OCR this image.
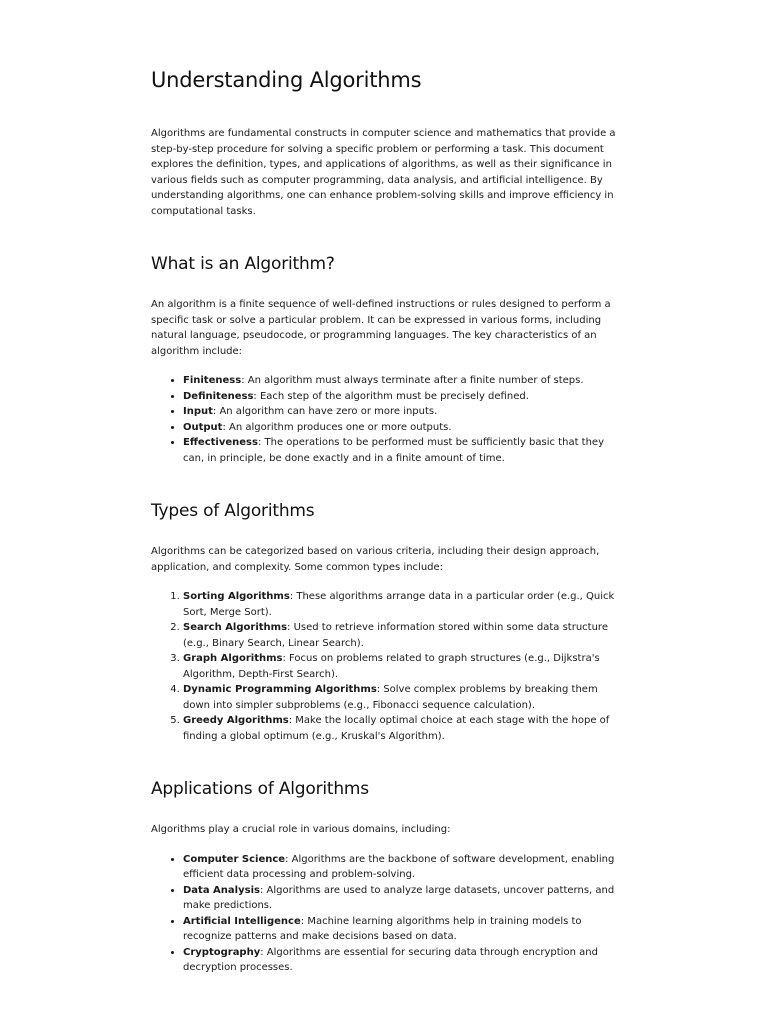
Understanding Algorithms

Algorithms are fundamental constructs in computer science and mathematics that provide a step-by-step procedure for solving a specific problem or performing a task. This document explores the definition, types, and applications of algorithms, as well as their significance in various fields such as computer programming, data analysis, and artificial intelligence. By understanding algorithms, one can enhance problem-solving skills and improve efficiency in computational tasks.

What is an Algorithm?

An algorithm is a finite sequence of well-defined instructions or rules designed to perform a specific task or solve a particular problem. It can be expressed in various forms, including natural language, pseudocode, or programming languages. The key characteristics of an algorithm include:

• Finiteness: An algorithm must always terminate after a finite number of steps.
• Definiteness: Each step of the algorithm must be precisely defined.
• Input: An algorithm can have zero or more inputs.
• Output: An algorithm produces one or more outputs.
• Effectiveness: The operations to be performed must be sufficiently basic that they can, in principle, be done exactly and in a finite amount of time.
Types of Algorithms

Algorithms can be categorized based on various criteria, including their design approach, application, and complexity. Some common types include:

1. Sorting Algorithms: These algorithms arrange data in a particular order (e.g., Quick Sort, Merge Sort).
2. Search Algorithms: Used to retrieve information stored within some data structure (e.g., Binary Search, Linear Search).
3. Graph Algorithms: Focus on problems related to graph structures (e.g., Dijkstra's Algorithm, Depth-First Search).
4. Dynamic Programming Algorithms: Solve complex problems by breaking them down into simpler subproblems (e.g., Fibonacci sequence calculation).
5. Greedy Algorithms: Make the locally optimal choice at each stage with the hope of finding a global optimum (e.g., Kruskal's Algorithm).
Applications of Algorithms

Algorithms play a crucial role in various domains, including:

• Computer Science: Algorithms are the backbone of software development, enabling efficient data processing and problem-solving.
• Data Analysis: Algorithms are used to analyze large datasets, uncover patterns, and make predictions.
• Artificial Intelligence: Machine learning algorithms help in training models to recognize patterns and make decisions based on data.
• Cryptography: Algorithms are essential for securing data through encryption and decryption processes.
